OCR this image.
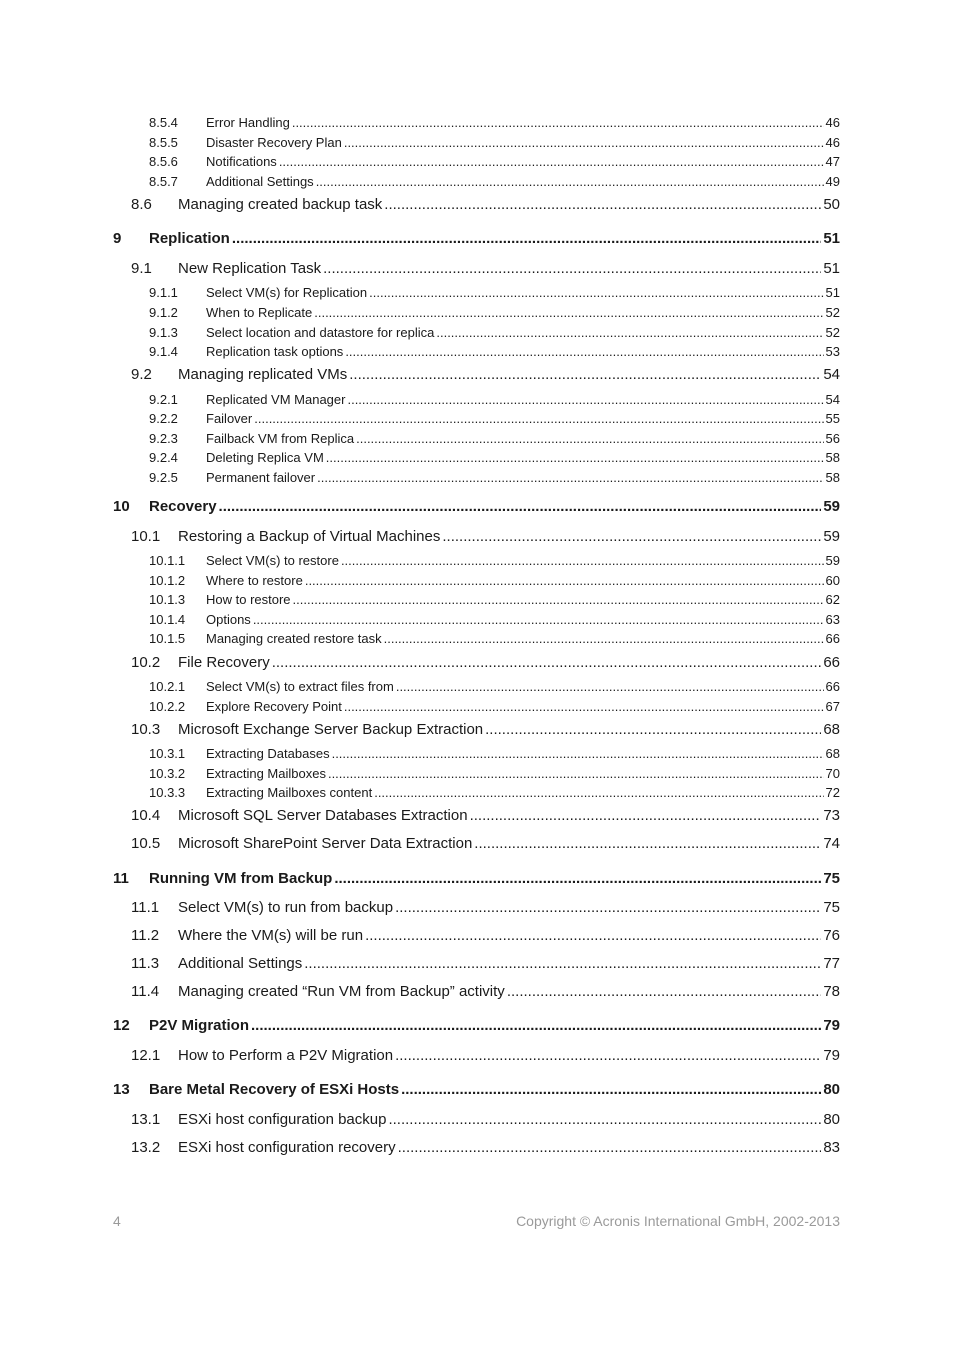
8.5.4	Error Handling .....	46
8.5.5	Disaster Recovery Plan .....	46
8.5.6	Notifications .....	47
8.5.7	Additional Settings .....	49
8.6	Managing created backup task .....	50
9	Replication .....	51
9.1	New Replication Task .....	51
9.1.1	Select VM(s) for Replication .....	51
9.1.2	When to Replicate .....	52
9.1.3	Select location and datastore for replica .....	52
9.1.4	Replication task options .....	53
9.2	Managing replicated VMs .....	54
9.2.1	Replicated VM Manager .....	54
9.2.2	Failover .....	55
9.2.3	Failback VM from Replica .....	56
9.2.4	Deleting Replica VM .....	58
9.2.5	Permanent failover .....	58
10	Recovery .....	59
10.1	Restoring a Backup of Virtual Machines .....	59
10.1.1	Select VM(s) to restore .....	59
10.1.2	Where to restore .....	60
10.1.3	How to restore .....	62
10.1.4	Options .....	63
10.1.5	Managing created restore task .....	66
10.2	File Recovery .....	66
10.2.1	Select VM(s) to extract files from .....	66
10.2.2	Explore Recovery Point .....	67
10.3	Microsoft Exchange Server Backup Extraction .....	68
10.3.1	Extracting Databases .....	68
10.3.2	Extracting Mailboxes .....	70
10.3.3	Extracting Mailboxes content .....	72
10.4	Microsoft SQL Server Databases Extraction .....	73
10.5	Microsoft SharePoint Server Data Extraction .....	74
11	Running VM from Backup .....	75
11.1	Select VM(s) to run from backup .....	75
11.2	Where the VM(s) will be run .....	76
11.3	Additional Settings .....	77
11.4	Managing created “Run VM from Backup” activity .....	78
12	P2V Migration .....	79
12.1	How to Perform a P2V Migration .....	79
13	Bare Metal Recovery of ESXi Hosts .....	80
13.1	ESXi host configuration backup .....	80
13.2	ESXi host configuration recovery .....	83
4	Copyright © Acronis International GmbH, 2002-2013
